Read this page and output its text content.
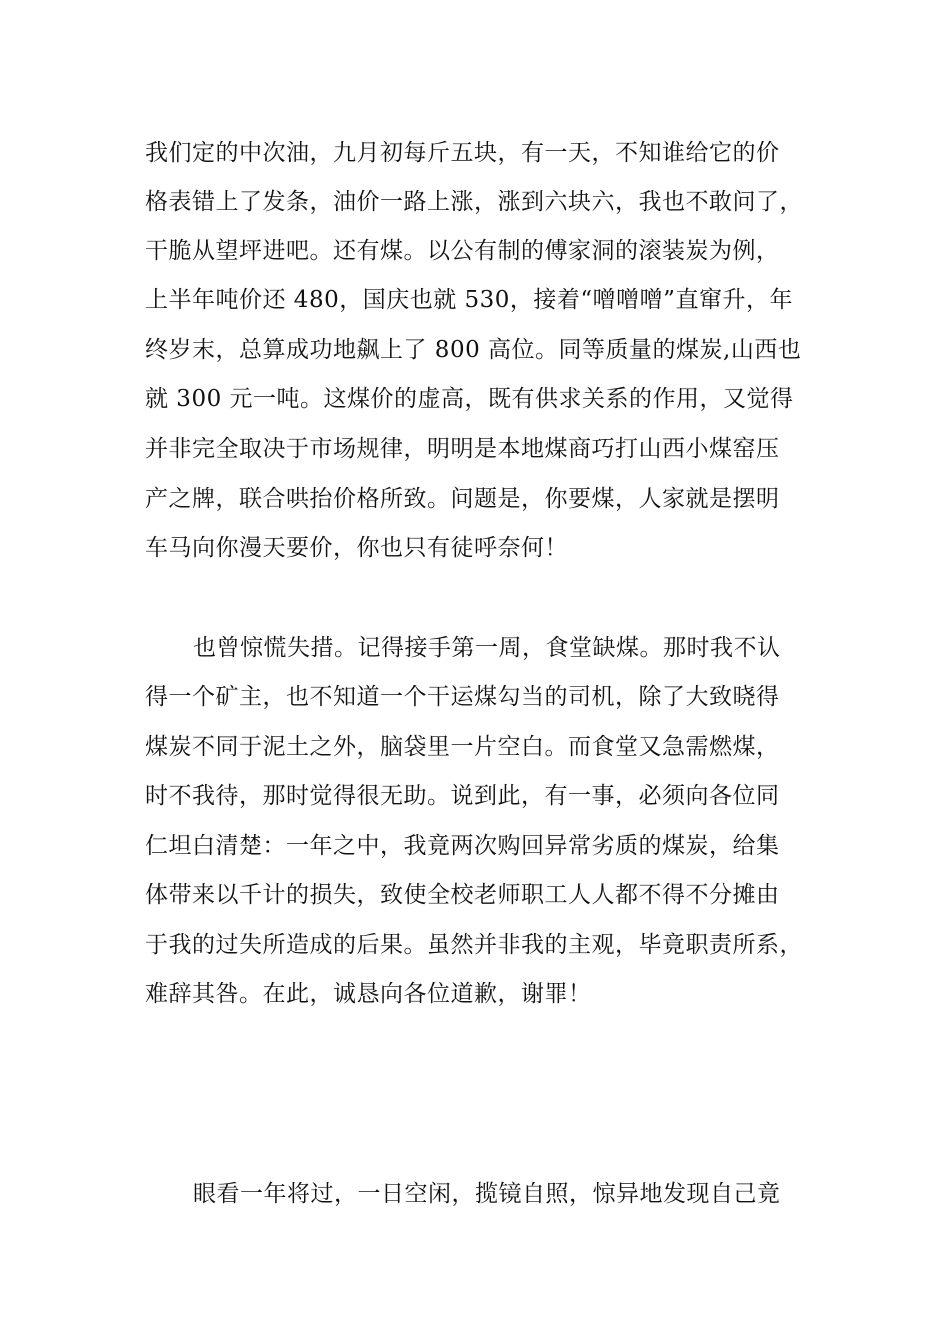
我们定的中次油，九月初每斤五块，有一天，不知谁给它的价
格表错上了发条，油价一路上涨，涨到六块六，我也不敢问了，
干脆从望坪进吧。还有煤。以公有制的傅家洞的滚装炭为例，
上半年吨价还 480，国庆也就 530，接着“噌噌噌”直窜升，年
终岁末，总算成功地飙上了 800 高位。同等质量的煤炭,山西也
就 300 元一吨。这煤价的虚高，既有供求关系的作用，又觉得
并非完全取决于市场规律，明明是本地煤商巧打山西小煤窑压
产之牌，联合哄抬价格所致。问题是，你要煤，人家就是摆明
车马向你漫天要价，你也只有徒呼奈何！
也曾惊慌失措。记得接手第一周，食堂缺煤。那时我不认
得一个矿主，也不知道一个干运煤勾当的司机，除了大致晓得
煤炭不同于泥土之外，脑袋里一片空白。而食堂又急需燃煤，
时不我待，那时觉得很无助。说到此，有一事，必须向各位同
仁坦白清楚：一年之中，我竟两次购回异常劣质的煤炭，给集
体带来以千计的损失，致使全校老师职工人人都不得不分摊由
于我的过失所造成的后果。虽然并非我的主观，毕竟职责所系，
难辞其咎。在此，诚恳向各位道歉，谢罪！
眼看一年将过，一日空闲，揽镜自照，惊异地发现自己竟
